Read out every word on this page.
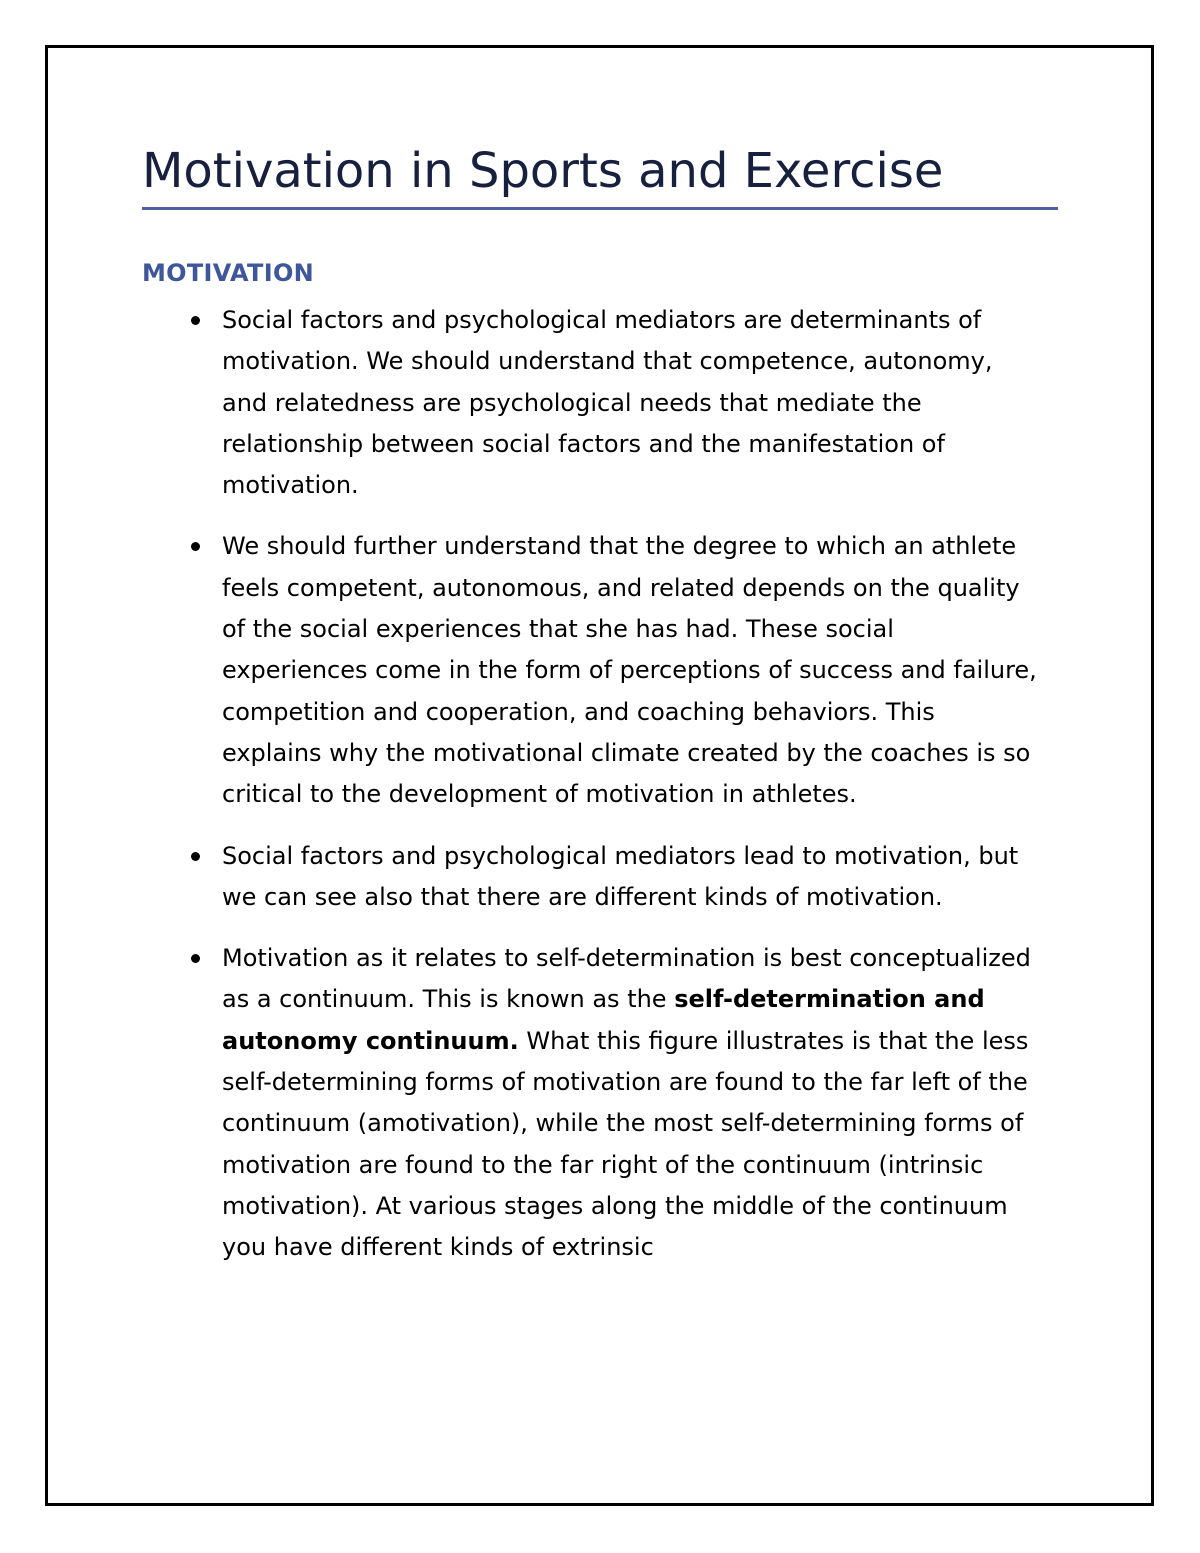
Motivation in Sports and Exercise
MOTIVATION
Social factors and psychological mediators are determinants of motivation. We should understand that competence, autonomy, and relatedness are psychological needs that mediate the relationship between social factors and the manifestation of motivation.
We should further understand that the degree to which an athlete feels competent, autonomous, and related depends on the quality of the social experiences that she has had. These social experiences come in the form of perceptions of success and failure, competition and cooperation, and coaching behaviors. This explains why the motivational climate created by the coaches is so critical to the development of motivation in athletes.
Social factors and psychological mediators lead to motivation, but we can see also that there are different kinds of motivation.
Motivation as it relates to self-determination is best conceptualized as a continuum. This is known as the self-determination and autonomy continuum. What this figure illustrates is that the less self-determining forms of motivation are found to the far left of the continuum (amotivation), while the most self-determining forms of motivation are found to the far right of the continuum (intrinsic motivation). At various stages along the middle of the continuum you have different kinds of extrinsic
